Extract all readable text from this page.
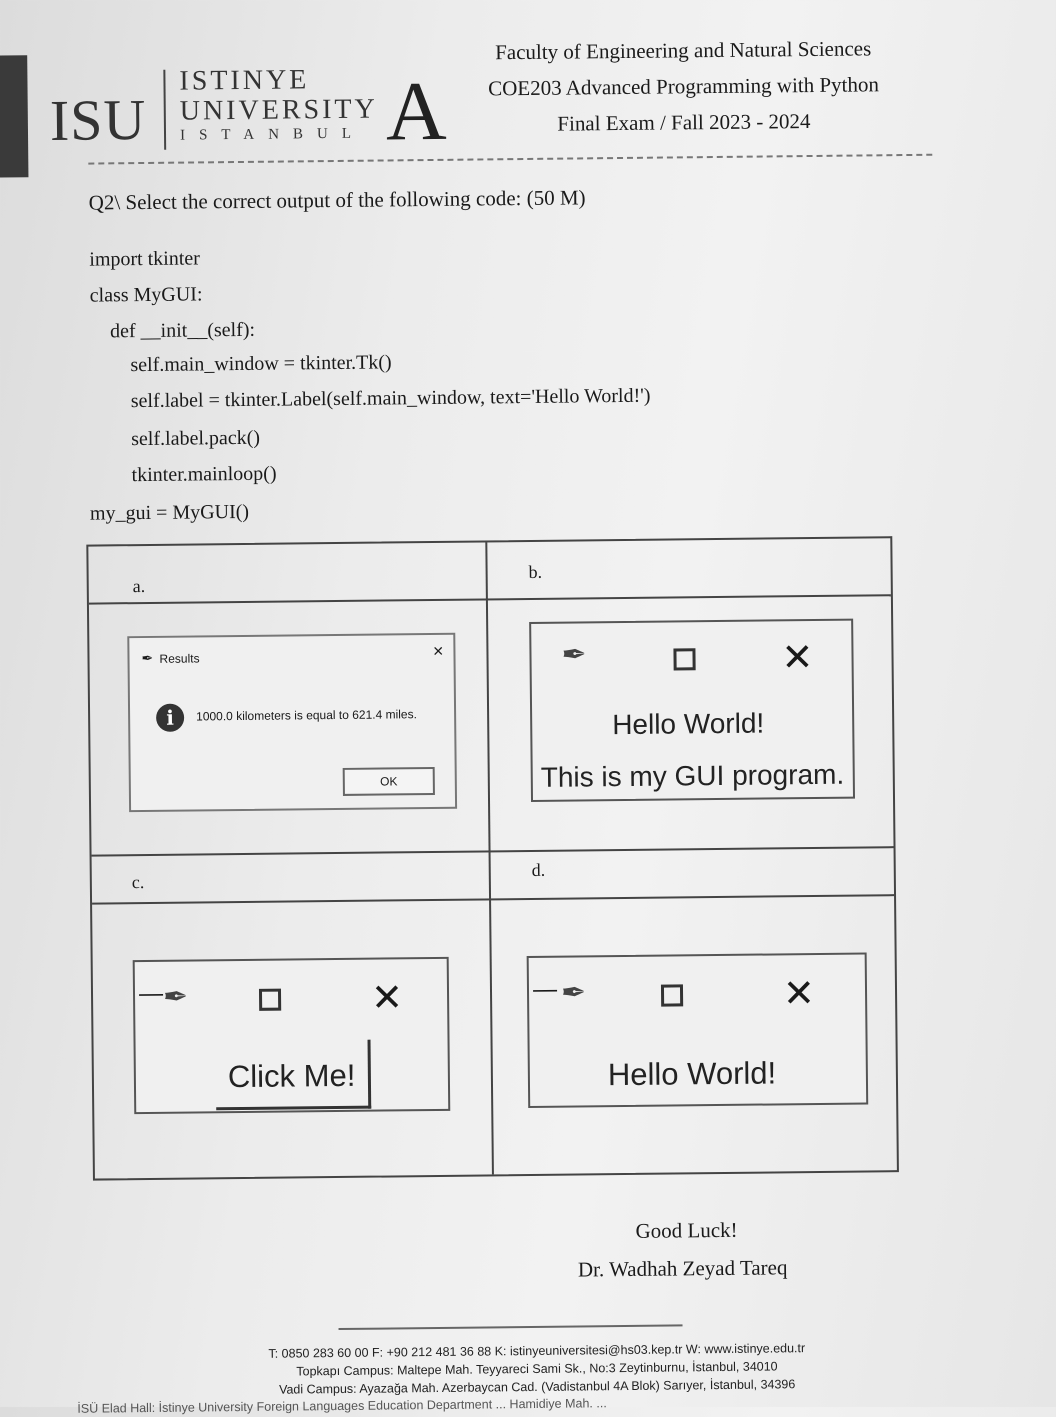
ISU
ISTINYE
UNIVERSITY
ISTANBUL A
Faculty of Engineering and Natural Sciences
COE203 Advanced Programming with Python
Final Exam / Fall 2023 - 2024
Q2\ Select the correct output of the following code: (50 M)
import tkinter
class MyGUI:
def __init__(self):
self.main_window = tkinter.Tk()
self.label = tkinter.Label(self.main_window, text='Hello World!')
self.label.pack()
tkinter.mainloop()
my_gui = MyGUI()
a.
✒ Results	×
i	1000.0 kilometers is equal to 621.4 miles.
OK
b.
✒	✕
Hello World!
This is my GUI program.
c.
— ✒	✕
Click Me!
d.
— ✒	✕
Hello World!
Good Luck!
Dr. Wadhah Zeyad Tareq
T: 0850 283 60 00 F: +90 212 481 36 88 K: istinyeuniversitesi@hs03.kep.tr W: www.istinye.edu.tr
Topkapı Campus: Maltepe Mah. Teyyareci Sami Sk., No:3 Zeytinburnu, İstanbul, 34010
Vadi Campus: Ayazağa Mah. Azerbaycan Cad. (Vadistanbul 4A Blok) Sarıyer, İstanbul, 34396
İSÜ Elad Hall: İstinye University Foreign Languages Education Department ... Hamidiye Mah. ...
